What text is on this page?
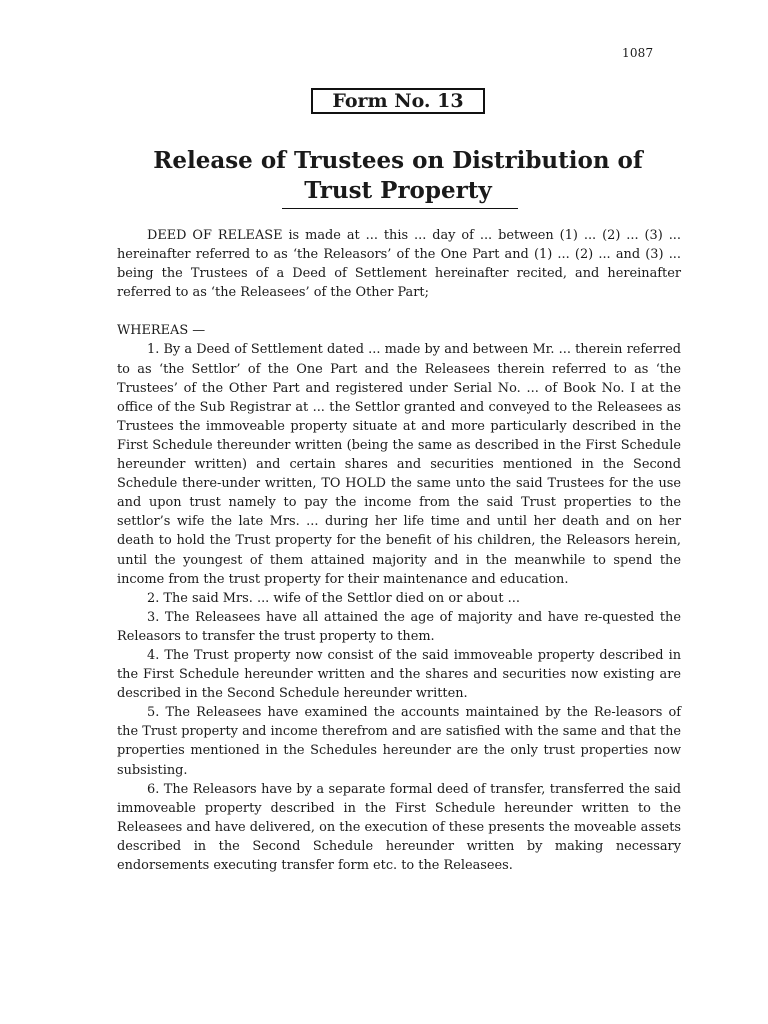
1087
Form No. 13
Release of Trustees on Distribution of
Trust Property

DEED OF RELEASE is made at ... this ... day of ... between (1) ... (2) ... (3) ... hereinafter referred to as ‘the Releasors’ of the One Part and (1) ... (2) ... and (3) ... being the Trustees of a Deed of Settlement hereinafter recited, and hereinafter referred to as ‘the Releasees’ of the Other Part;

WHEREAS —

1. By a Deed of Settlement dated ... made by and between Mr. ... therein referred to as ‘the Settlor’ of the One Part and the Releasees therein referred to as ‘the Trustees’ of the Other Part and registered under Serial No. ... of Book No. I at the office of the Sub Registrar at ... the Settlor granted and conveyed to the Releasees as Trustees the immoveable property situate at and more particularly described in the First Schedule thereunder written (being the same as described in the First Schedule hereunder written) and certain shares and securities mentioned in the Second Schedule there-under written, TO HOLD the same unto the said Trustees for the use and upon trust namely to pay the income from the said Trust properties to the settlor’s wife the late Mrs. ... during her life time and until her death and on her death to hold the Trust property for the benefit of his children, the Releasors herein, until the youngest of them attained majority and in the meanwhile to spend the income from the trust property for their maintenance and education.

2. The said Mrs. ... wife of the Settlor died on or about ...

3. The Releasees have all attained the age of majority and have re-quested the Releasors to transfer the trust property to them.

4. The Trust property now consist of the said immoveable property described in the First Schedule hereunder written and the shares and securities now existing are described in the Second Schedule hereunder written.

5. The Releasees have examined the accounts maintained by the Re-leasors of the Trust property and income therefrom and are satisfied with the same and that the properties mentioned in the Schedules hereunder are the only trust properties now subsisting.

6. The Releasors have by a separate formal deed of transfer, transferred the said immoveable property described in the First Schedule hereunder written to the Releasees and have delivered, on the execution of these presents the moveable assets described in the Second Schedule hereunder written by making necessary endorsements executing transfer form etc. to the Releasees.
